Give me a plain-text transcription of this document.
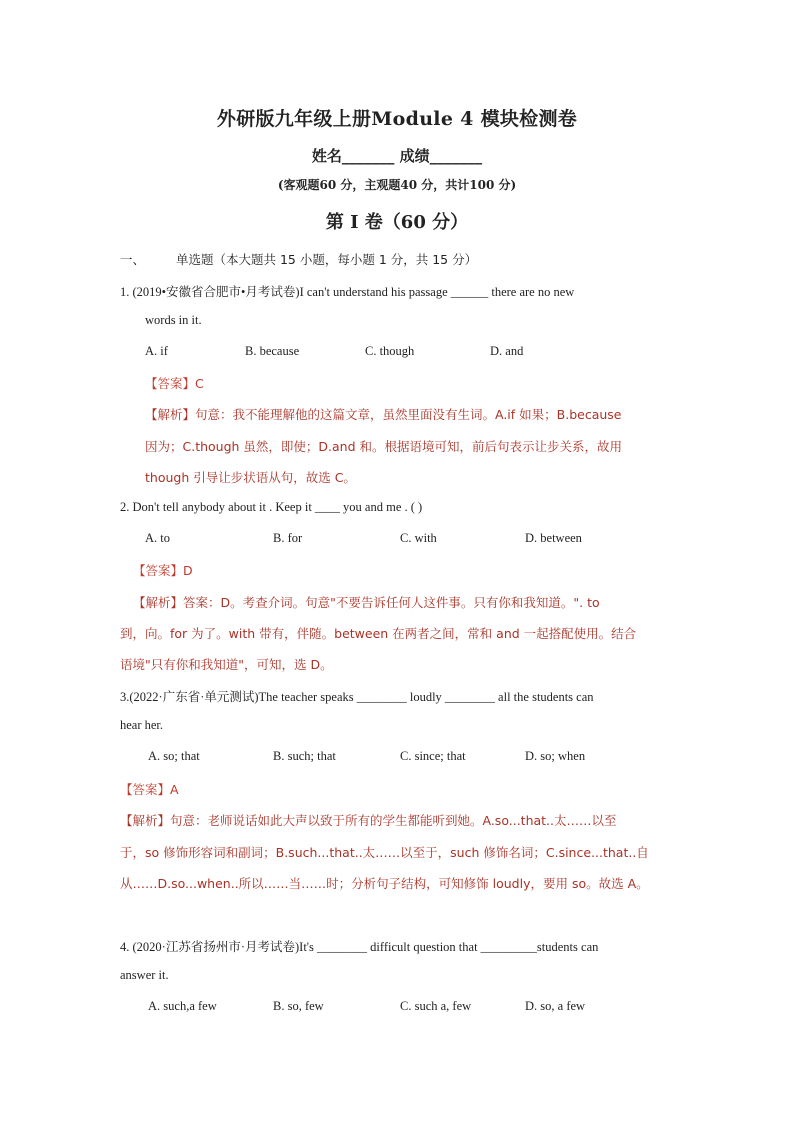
外研版九年级上册Module 4 模块检测卷
姓名_______ 成绩_______
(客观题60 分，主观题40 分，共计100 分)
第 I 卷（60 分）
一、 单选题（本大题共 15 小题，每小题 1 分，共 15 分）
1. (2019•安徽省合肥市•月考试卷)I can't understand his passage ______ there are no new
words in it.
A. if	B. because	C. though	D. and
【答案】C
【解析】句意：我不能理解他的这篇文章，虽然里面没有生词。A.if 如果；B.because
因为；C.though 虽然，即使；D.and 和。根据语境可知，前后句表示让步关系，故用
though 引导让步状语从句，故选 C。
2. Don't tell anybody about it . Keep it ____ you and me . ( )
A. to	B. for	C. with	D. between
【答案】D
【解析】答案：D。考查介词。句意"不要告诉任何人这件事。只有你和我知道。". to
到，向。for 为了。with 带有，伴随。between 在两者之间，常和 and 一起搭配使用。结合
语境"只有你和我知道"，可知，选 D。
3.(2022·广东省·单元测试)The teacher speaks ________ loudly ________ all the students can
hear her.
A. so; that	B. such; that	C. since; that	D. so; when
【答案】A
【解析】句意：老师说话如此大声以致于所有的学生都能听到她。A.so...that..太……以至
于，so 修饰形容词和副词；B.such...that..太……以至于，such 修饰名词；C.since...that..自
从……D.so...when..所以……当……时；分析句子结构，可知修饰 loudly，要用 so。故选 A。
4. (2020·江苏省扬州市·月考试卷)It's ________ difficult question that _________students can
answer it.
A. such,a few	B. so, few	C. such a, few	D. so, a few
